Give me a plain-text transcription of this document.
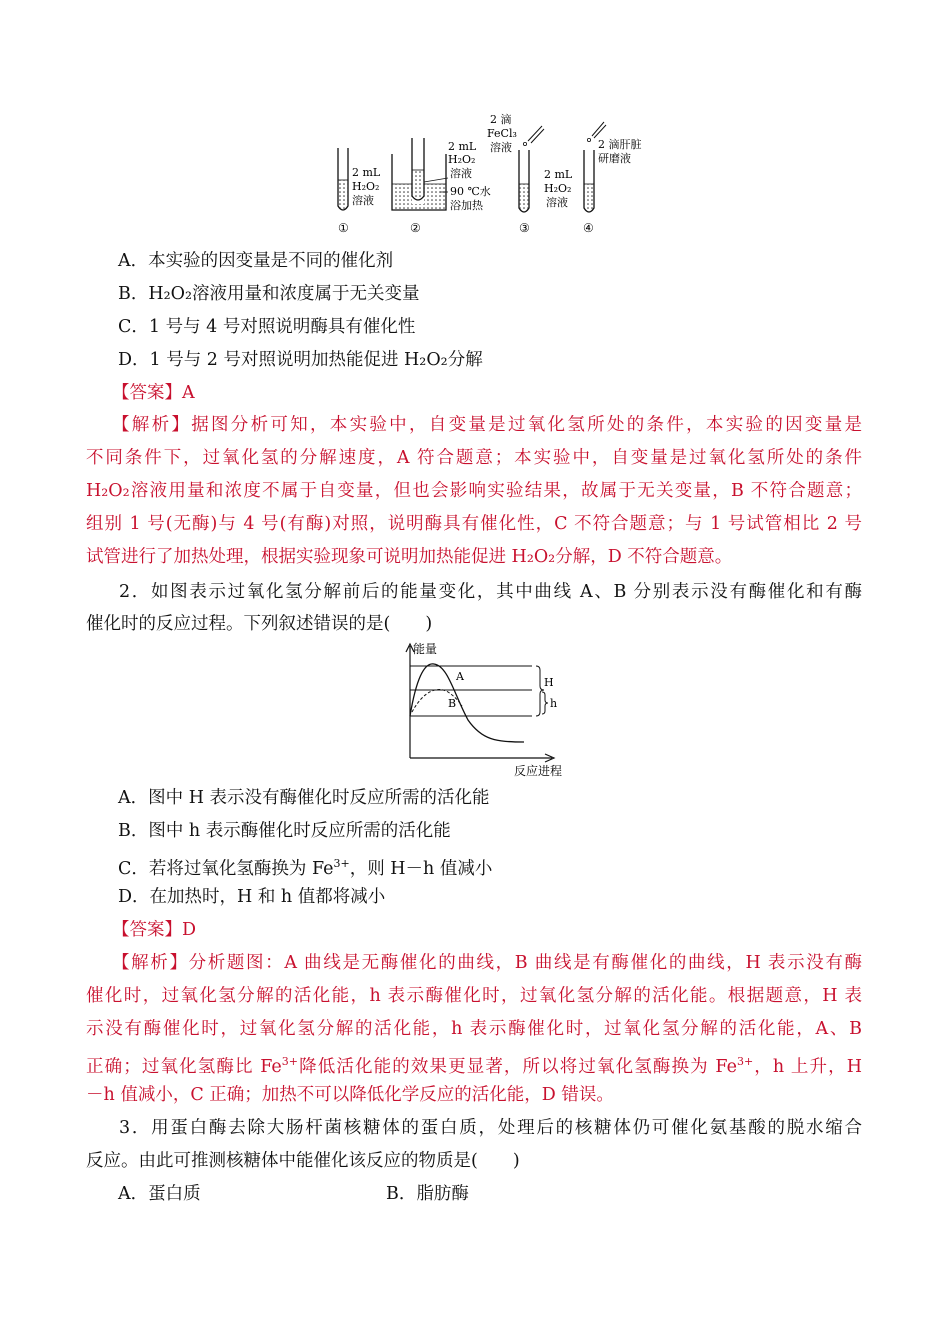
2 mL
H₂O₂
溶液
2 mL
H₂O₂
溶液
90 ℃水
浴加热
2 滴
FeCl₃
溶液
2 mL
H₂O₂
溶液
2 滴肝脏
研磨液
①	②	③	④
A．本实验的因变量是不同的催化剂
B．H₂O₂溶液用量和浓度属于无关变量
C．1 号与 4 号对照说明酶具有催化性
D．1 号与 2 号对照说明加热能促进 H₂O₂分解
【答案】A
【解析】据图分析可知，本实验中，自变量是过氧化氢所处的条件，本实验的因变量是
不同条件下，过氧化氢的分解速度，A 符合题意；本实验中，自变量是过氧化氢所处的条件
H₂O₂溶液用量和浓度不属于自变量，但也会影响实验结果，故属于无关变量，B 不符合题意；
组别 1 号(无酶)与 4 号(有酶)对照，说明酶具有催化性，C 不符合题意；与 1 号试管相比 2 号
试管进行了加热处理，根据实验现象可说明加热能促进 H₂O₂分解，D 不符合题意。
2．如图表示过氧化氢分解前后的能量变化，其中曲线 A、B 分别表示没有酶催化和有酶
催化时的反应过程。下列叙述错误的是(　　)
能量
反应进程
A
B
H
h
A．图中 H 表示没有酶催化时反应所需的活化能
B．图中 h 表示酶催化时反应所需的活化能
C．若将过氧化氢酶换为 $Fe^{3+}$，则 H－h 值减小
D．在加热时，H 和 h 值都将减小
【答案】D
【解析】分析题图：A 曲线是无酶催化的曲线，B 曲线是有酶催化的曲线，H 表示没有酶
催化时，过氧化氢分解的活化能，h 表示酶催化时，过氧化氢分解的活化能。根据题意，H 表
示没有酶催化时，过氧化氢分解的活化能，h 表示酶催化时，过氧化氢分解的活化能，A、B
正确；过氧化氢酶比 $Fe^{3+}$降低活化能的效果更显著，所以将过氧化氢酶换为 $Fe^{3+}$，h 上升，H
－h 值减小，C 正确；加热不可以降低化学反应的活化能，D 错误。
3．用蛋白酶去除大肠杆菌核糖体的蛋白质，处理后的核糖体仍可催化氨基酸的脱水缩合
反应。由此可推测核糖体中能催化该反应的物质是(　　)
A．蛋白质	B．脂肪酶
